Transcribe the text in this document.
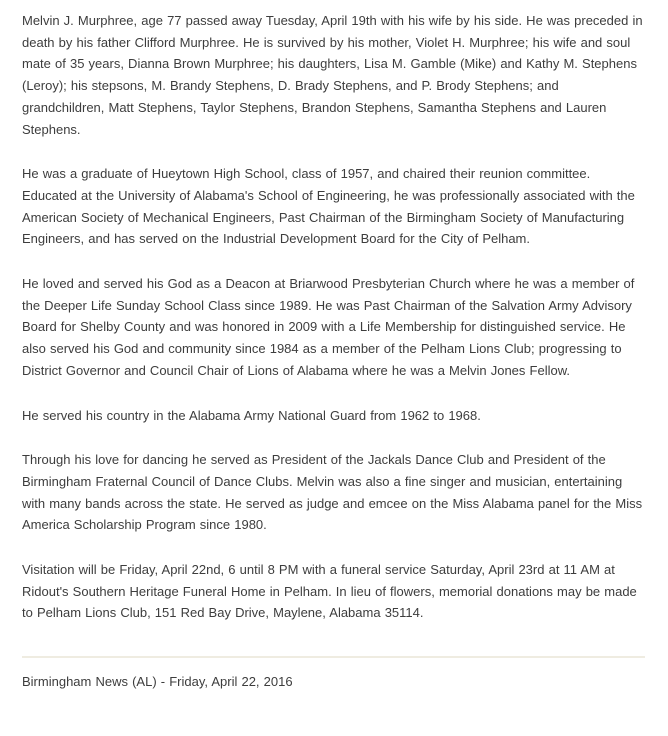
Melvin J. Murphree, age 77 passed away Tuesday, April 19th with his wife by his side. He was preceded in death by his father Clifford Murphree. He is survived by his mother, Violet H. Murphree; his wife and soul mate of 35 years, Dianna Brown Murphree; his daughters, Lisa M. Gamble (Mike) and Kathy M. Stephens (Leroy); his stepsons, M. Brandy Stephens, D. Brady Stephens, and P. Brody Stephens; and grandchildren, Matt Stephens, Taylor Stephens, Brandon Stephens, Samantha Stephens and Lauren Stephens.

He was a graduate of Hueytown High School, class of 1957, and chaired their reunion committee. Educated at the University of Alabama's School of Engineering, he was professionally associated with the American Society of Mechanical Engineers, Past Chairman of the Birmingham Society of Manufacturing Engineers, and has served on the Industrial Development Board for the City of Pelham.

He loved and served his God as a Deacon at Briarwood Presbyterian Church where he was a member of the Deeper Life Sunday School Class since 1989. He was Past Chairman of the Salvation Army Advisory Board for Shelby County and was honored in 2009 with a Life Membership for distinguished service. He also served his God and community since 1984 as a member of the Pelham Lions Club; progressing to District Governor and Council Chair of Lions of Alabama where he was a Melvin Jones Fellow.

He served his country in the Alabama Army National Guard from 1962 to 1968.

Through his love for dancing he served as President of the Jackals Dance Club and President of the Birmingham Fraternal Council of Dance Clubs. Melvin was also a fine singer and musician, entertaining with many bands across the state. He served as judge and emcee on the Miss Alabama panel for the Miss America Scholarship Program since 1980.

Visitation will be Friday, April 22nd, 6 until 8 PM with a funeral service Saturday, April 23rd at 11 AM at Ridout's Southern Heritage Funeral Home in Pelham. In lieu of flowers, memorial donations may be made to Pelham Lions Club, 151 Red Bay Drive, Maylene, Alabama 35114.

Birmingham News (AL) - Friday, April 22, 2016
